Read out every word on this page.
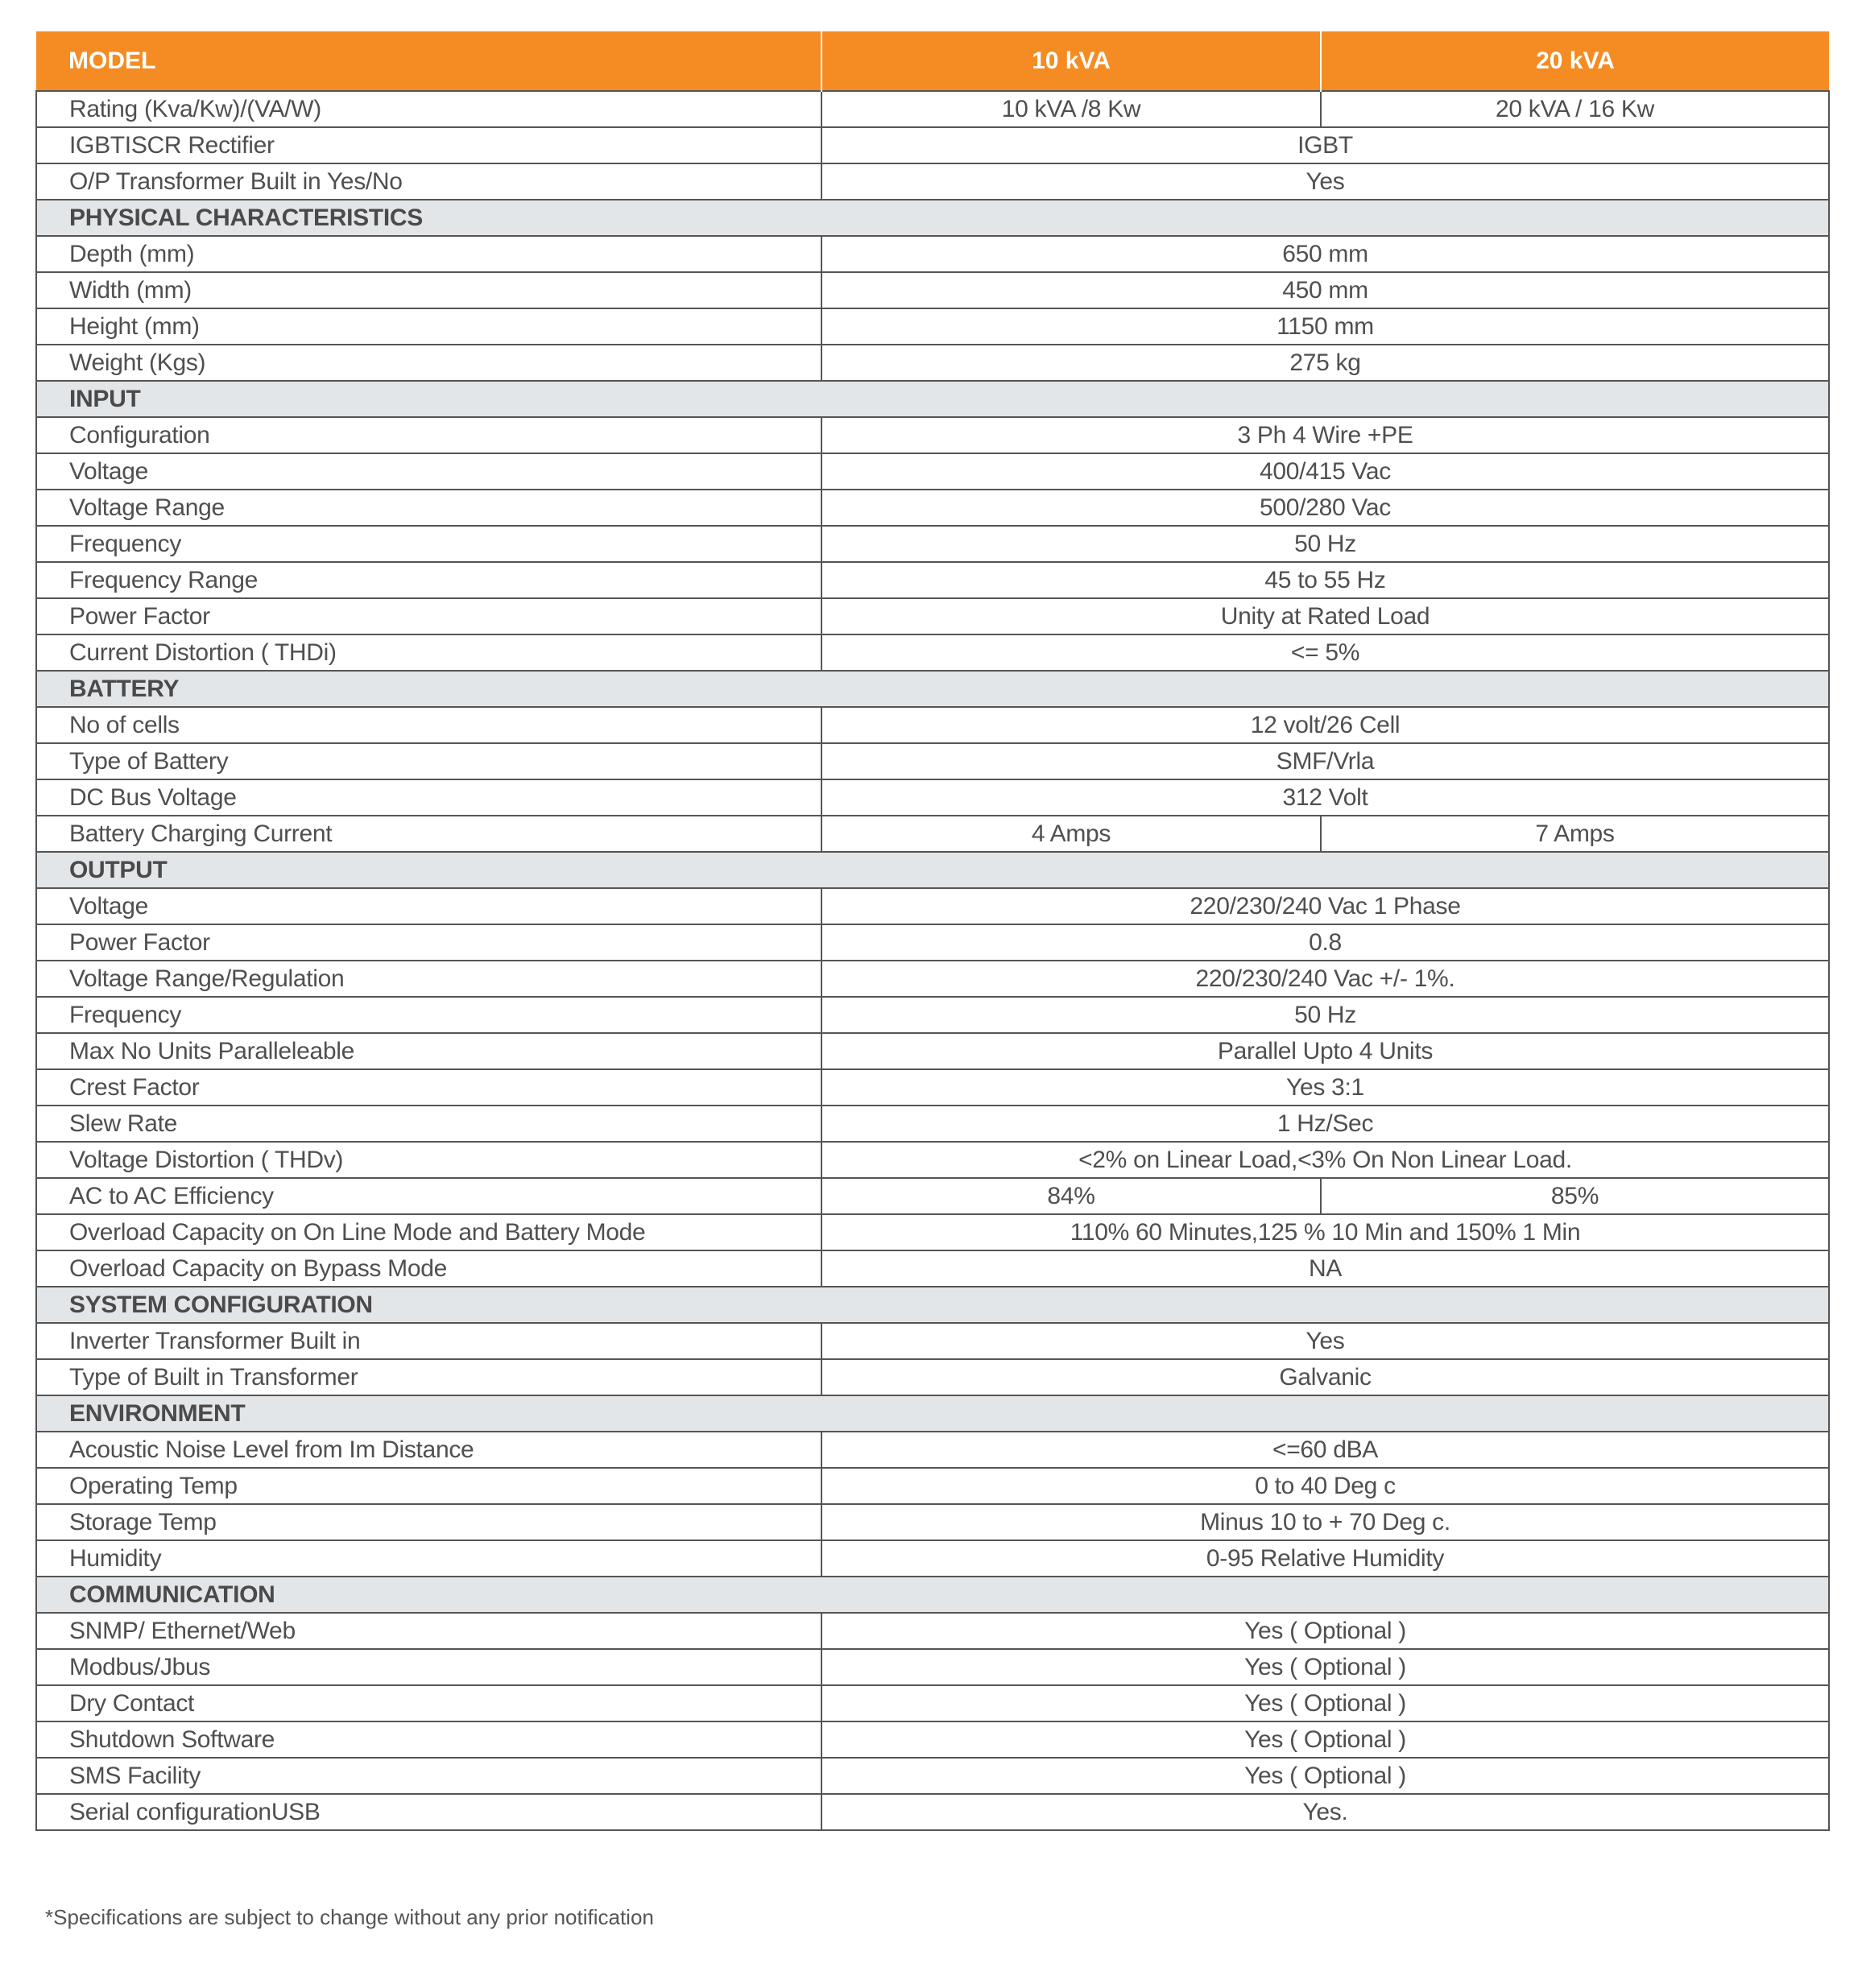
MODEL	10 kVA	20 kVA
Rating (Kva/Kw)/(VA/W)	10 kVA /8 Kw	20 kVA / 16 Kw
IGBTISCR Rectifier	IGBT	
O/P Transformer Built in Yes/No	Yes	
PHYSICAL CHARACTERISTICS		
Depth (mm)	650 mm	
Width (mm)	450 mm	
Height (mm)	1150 mm	
Weight (Kgs)	275 kg	
INPUT		
Configuration	3 Ph 4 Wire +PE	
Voltage	400/415 Vac	
Voltage Range	500/280 Vac	
Frequency	50 Hz	
Frequency Range	45 to 55 Hz	
Power Factor	Unity at Rated Load	
Current Distortion ( THDi)	<= 5%	
BATTERY		
No of cells	12 volt/26 Cell	
Type of Battery	SMF/Vrla	
DC Bus Voltage	312 Volt	
Battery Charging Current	4 Amps	7 Amps
OUTPUT		
Voltage	220/230/240 Vac 1 Phase	
Power Factor	0.8	
Voltage Range/Regulation	220/230/240 Vac +/- 1%.	
Frequency	50 Hz	
Max No Units Paralleleable	Parallel Upto 4 Units	
Crest Factor	Yes 3:1	
Slew Rate	1 Hz/Sec	
Voltage Distortion ( THDv)	<2% on Linear Load,<3% On Non Linear Load.	
AC to AC Efficiency	84%	85%
Overload Capacity on On Line Mode and Battery Mode	110% 60 Minutes,125 % 10 Min and 150% 1 Min	
Overload Capacity on Bypass Mode	NA	
SYSTEM CONFIGURATION		
Inverter Transformer Built in	Yes	
Type of Built in Transformer	Galvanic	
ENVIRONMENT		
Acoustic Noise Level from Im Distance	<=60 dBA	
Operating Temp	0 to 40 Deg c	
Storage Temp	Minus 10 to + 70 Deg c.	
Humidity	0-95 Relative Humidity	
COMMUNICATION		
SNMP/ Ethernet/Web	Yes ( Optional )	
Modbus/Jbus	Yes ( Optional )	
Dry Contact	Yes ( Optional )	
Shutdown Software	Yes ( Optional )	
SMS Facility	Yes ( Optional )	
Serial configurationUSB	Yes.	
*Specifications are subject to change without any prior notification
